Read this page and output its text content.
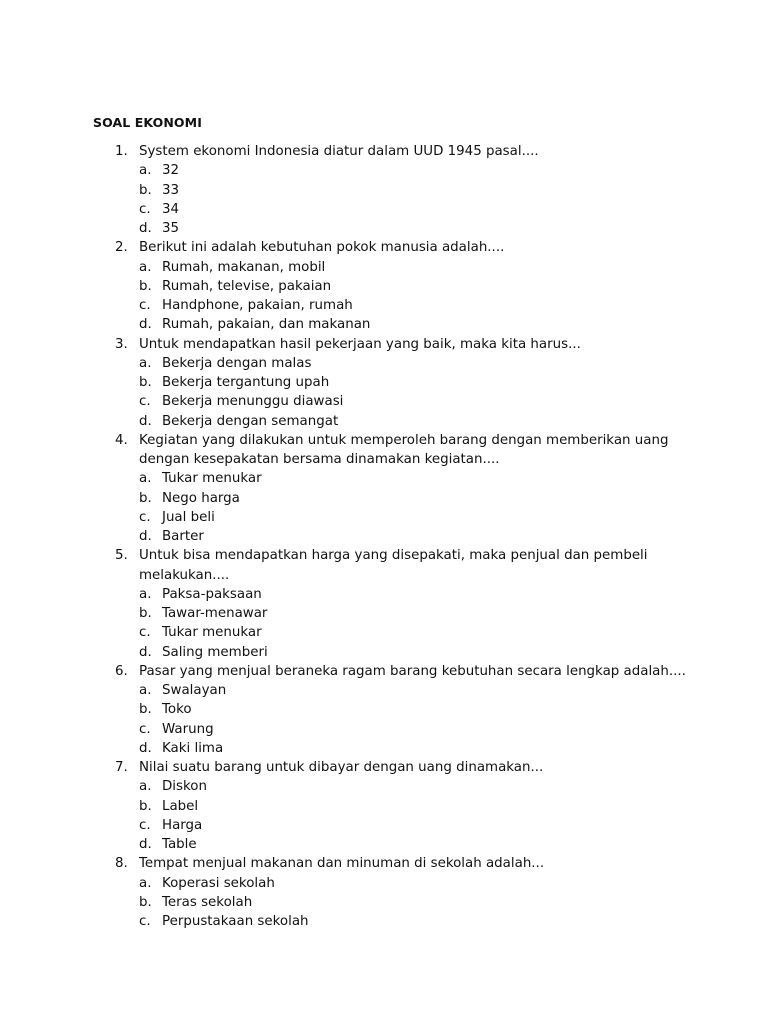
SOAL EKONOMI
1. System ekonomi Indonesia diatur dalam UUD 1945 pasal....
a. 32
b. 33
c. 34
d. 35
2. Berikut ini adalah kebutuhan pokok manusia adalah....
a. Rumah, makanan, mobil
b. Rumah, televise, pakaian
c. Handphone, pakaian, rumah
d. Rumah, pakaian, dan makanan
3. Untuk mendapatkan hasil pekerjaan yang baik, maka kita harus...
a. Bekerja dengan malas
b. Bekerja tergantung upah
c. Bekerja menunggu diawasi
d. Bekerja dengan semangat
4. Kegiatan yang dilakukan untuk memperoleh barang dengan memberikan uang
dengan kesepakatan bersama dinamakan kegiatan....
a. Tukar menukar
b. Nego harga
c. Jual beli
d. Barter
5. Untuk bisa mendapatkan harga yang disepakati, maka penjual dan pembeli
melakukan....
a. Paksa-paksaan
b. Tawar-menawar
c. Tukar menukar
d. Saling memberi
6. Pasar yang menjual beraneka ragam barang kebutuhan secara lengkap adalah....
a. Swalayan
b. Toko
c. Warung
d. Kaki lima
7. Nilai suatu barang untuk dibayar dengan uang dinamakan...
a. Diskon
b. Label
c. Harga
d. Table
8. Tempat menjual makanan dan minuman di sekolah adalah...
a. Koperasi sekolah
b. Teras sekolah
c. Perpustakaan sekolah
